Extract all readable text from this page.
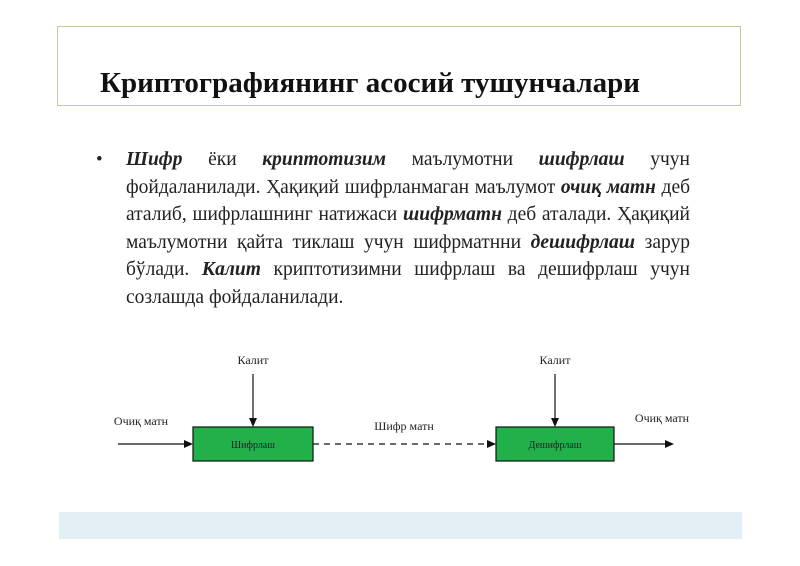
Криптографиянинг асосий тушунчалари
• Шифр ёки криптотизим маълумотни шифрлаш учун фойдаланилади. Ҳақиқий шифрланмаган маълумот очиқ матн деб аталиб, шифрлашнинг натижаси шифрматн деб аталади. Ҳақиқий маълумотни қайта тиклаш учун шифрматнни дешифрлаш зарур бўлади. Калит криптотизимни шифрлаш ва дешифрлаш учун созлашда фойдаланилади.

Калит	Калит
Очиқ матн
Шифрлаш
Шифр матн
Дешифрлаш
Очиқ матн
